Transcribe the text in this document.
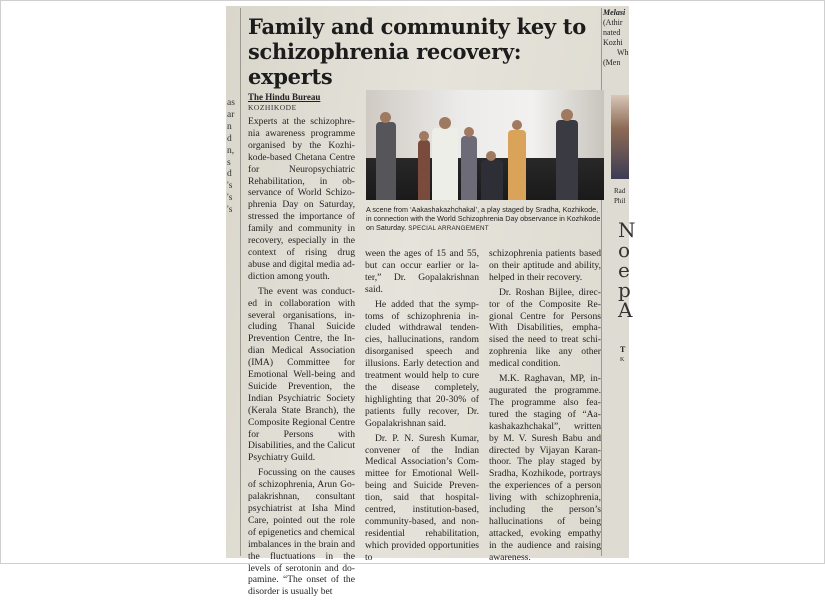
as
ar
n
d
n,
s
d
's
's
's
Melasi
(Athir
nated
Kozhi
Wh
(Men
Rad
Phil
N
o
e
p
A
T
K
Family and community key to schizophrenia recovery: experts
The Hindu Bureau
KOZHIKODE
A scene from ‘Aakashakazhchakal’, a play staged by Sradha, Kozhikode, in connection with the World Schizophrenia Day observance in Kozhikode on Saturday. SPECIAL ARRANGEMENT

Experts at the schizophrenia awareness programme organised by the Kozhikode-based Chetana Centre for Neuropsychiatric Rehabilitation, in observance of World Schizophrenia Day on Saturday, stressed the importance of family and community in recovery, especially in the context of rising drug abuse and digital media addiction among youth.

The event was conducted in collaboration with several organisations, including Thanal Suicide Prevention Centre, the Indian Medical Association (IMA) Committee for Emotional Well-being and Suicide Prevention, the Indian Psychiatric Society (Kerala State Branch), the Composite Regional Centre for Persons with Disabilities, and the Calicut Psychiatry Guild.

Focussing on the causes of schizophrenia, Arun Gopalakrishnan, consultant psychiatrist at Isha Mind Care, pointed out the role of epigenetics and chemical imbalances in the brain and the fluctuations in the levels of serotonin and dopamine. “The onset of the disorder is usually bet

ween the ages of 15 and 55, but can occur earlier or later,” Dr. Gopalakrishnan said.

He added that the symptoms of schizophrenia included withdrawal tendencies, hallucinations, random disorganised speech and illusions. Early detection and treatment would help to cure the disease completely, highlighting that 20-30% of patients fully recover, Dr. Gopalakrishnan said.

Dr. P. N. Suresh Kumar, convener of the Indian Medical Association’s Committee for Emotional Wellbeing and Suicide Prevention, said that hospital-centred, institution-based, community-based, and non-residential rehabilitation, which provided opportunities to

schizophrenia patients based on their aptitude and ability, helped in their recovery.

Dr. Roshan Bijlee, director of the Composite Regional Centre for Persons With Disabilities, emphasised the need to treat schizophrenia like any other medical condition.

M.K. Raghavan, MP, inaugurated the programme. The programme also featured the staging of “Aakashakazhchakal”, written by M. V. Suresh Babu and directed by Vijayan Karanthoor. The play staged by Sradha, Kozhikode, portrays the experiences of a person living with schizophrenia, including the person’s hallucinations of being attacked, evoking empathy in the audience and raising awareness.
